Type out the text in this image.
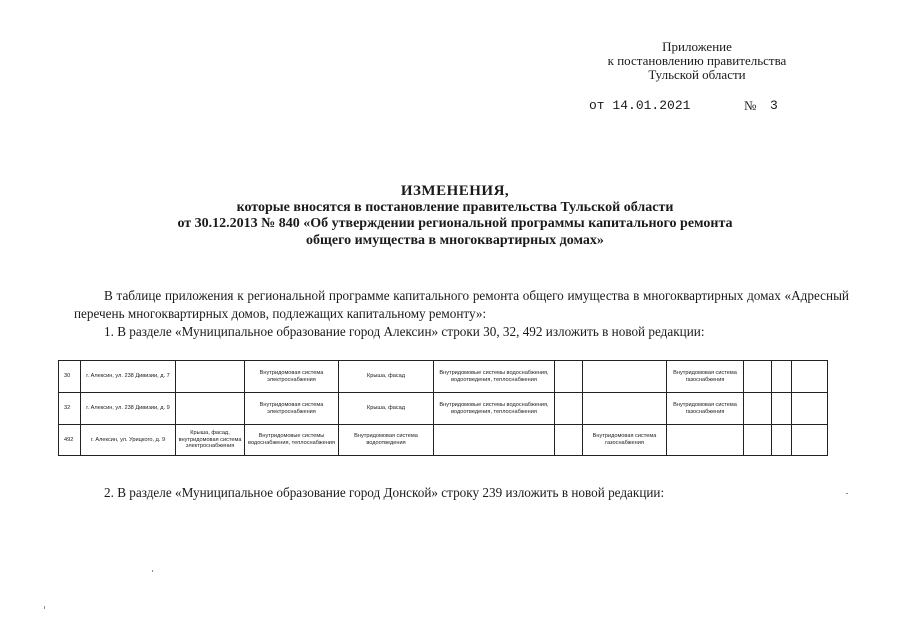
Приложение
к постановлению правительства
Тульской области
от 14.01.2021	№ 3
ИЗМЕНЕНИЯ,
которые вносятся в постановление правительства Тульской области
от 30.12.2013 № 840 «Об утверждении региональной программы капитального ремонта
общего имущества в многоквартирных домах»
В таблице приложения к региональной программе капитального ремонта общего имущества в многоквартирных домах «Адресный перечень многоквартирных домов, подлежащих капитальному ремонту»:
1. В разделе «Муниципальное образование город Алексин» строки 30, 32, 492 изложить в новой редакции:
30	г. Алексин, ул. 238 Дивизии, д. 7		Внутридомовая система электроснабжения	Крыша, фасад	Внутридомовые системы водоснабжения, водоотведения, теплоснабжения			Внутридомовая система газоснабжения			
32	г. Алексин, ул. 238 Дивизии, д. 9		Внутридомовая система электроснабжения	Крыша, фасад	Внутридомовые системы водоснабжения, водоотведения, теплоснабжения			Внутридомовая система газоснабжения			
492	г. Алексин, ул. Урицкого, д. 9	Крыша, фасад, внутридомовая система электроснабжения	Внутридомовые системы водоснабжения, теплоснабжения	Внутридомовая система водоотведения			Внутридомовая система газоснабжения				
2. В разделе «Муниципальное образование город Донской» строку 239 изложить в новой редакции:
